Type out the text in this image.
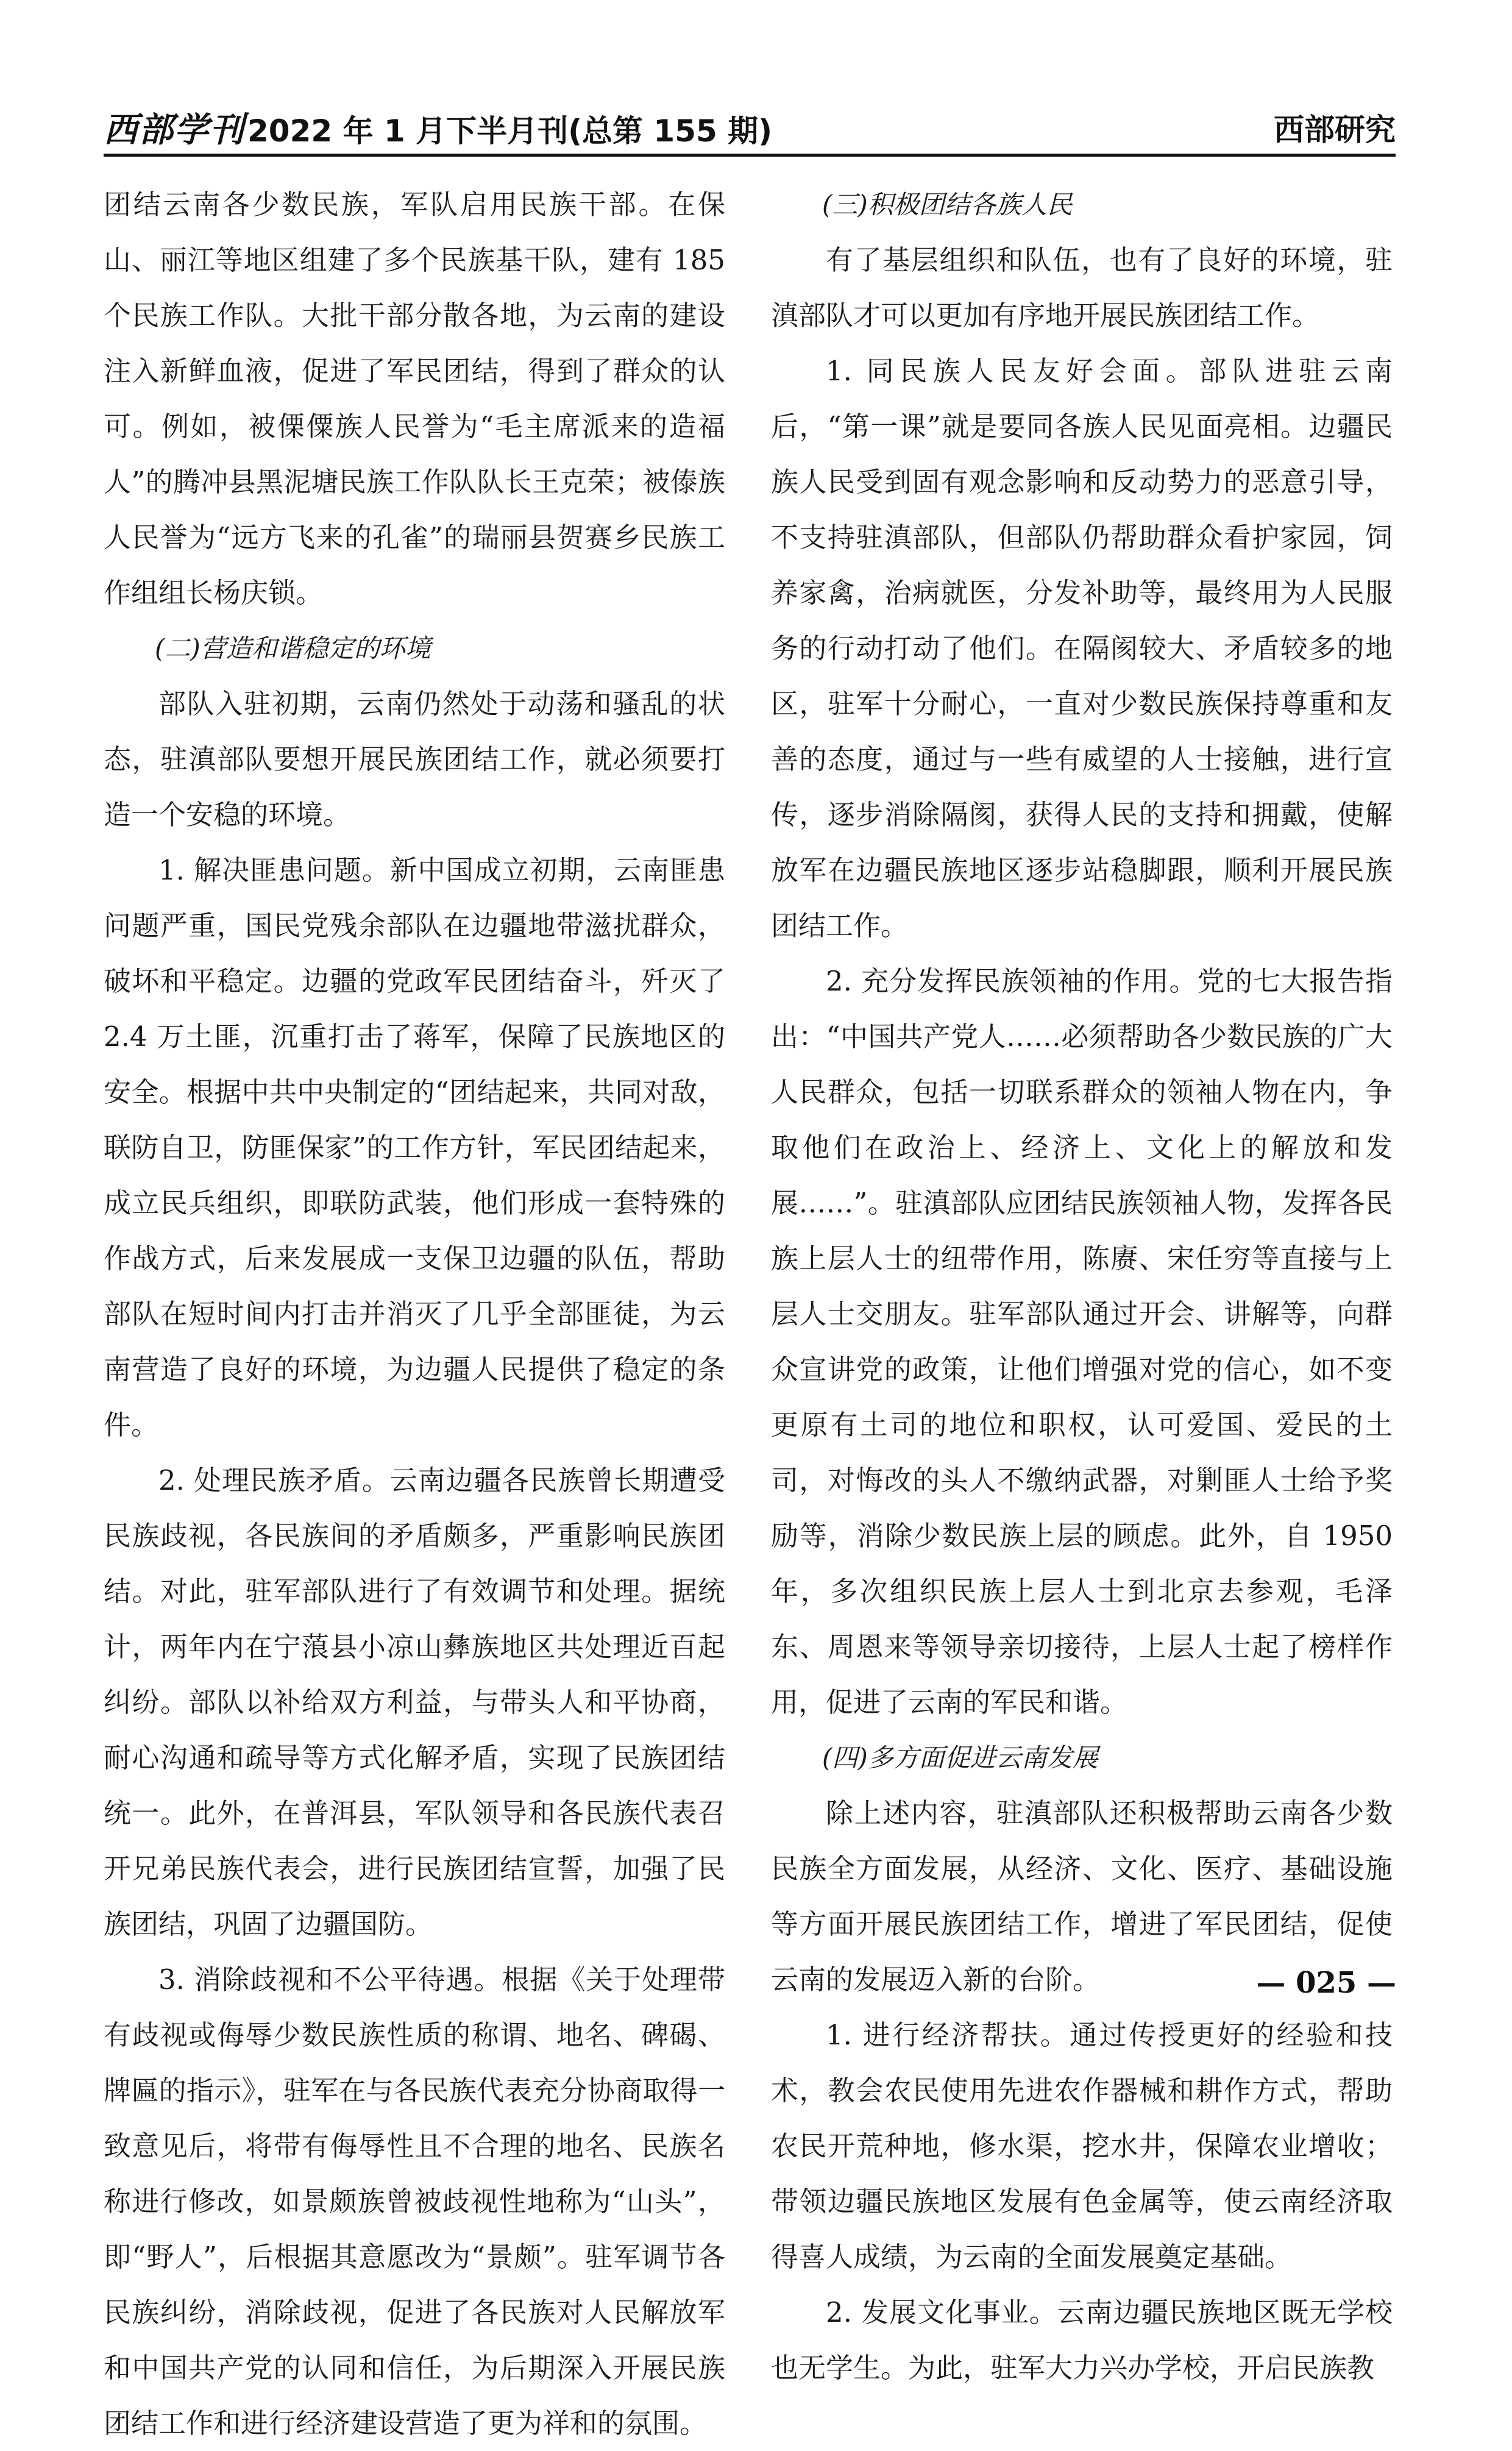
西部学刊 2022 年 1 月下半月刊(总第 155 期)	西部研究

团结云南各少数民族，军队启用民族干部。在保山、丽江等地区组建了多个民族基干队，建有 185 个民族工作队。大批干部分散各地，为云南的建设注入新鲜血液，促进了军民团结，得到了群众的认可。例如，被傈僳族人民誉为“毛主席派来的造福人”的腾冲县黑泥塘民族工作队队长王克荣；被傣族人民誉为“远方飞来的孔雀”的瑞丽县贺赛乡民族工作组组长杨庆锁。

(二)营造和谐稳定的环境

部队入驻初期，云南仍然处于动荡和骚乱的状态，驻滇部队要想开展民族团结工作，就必须要打造一个安稳的环境。

1. 解决匪患问题。新中国成立初期，云南匪患问题严重，国民党残余部队在边疆地带滋扰群众，破坏和平稳定。边疆的党政军民团结奋斗，歼灭了 2.4 万土匪，沉重打击了蒋军，保障了民族地区的安全。根据中共中央制定的“团结起来，共同对敌，联防自卫，防匪保家”的工作方针，军民团结起来，成立民兵组织，即联防武装，他们形成一套特殊的作战方式，后来发展成一支保卫边疆的队伍，帮助部队在短时间内打击并消灭了几乎全部匪徒，为云南营造了良好的环境，为边疆人民提供了稳定的条件。

2. 处理民族矛盾。云南边疆各民族曾长期遭受民族歧视，各民族间的矛盾颇多，严重影响民族团结。对此，驻军部队进行了有效调节和处理。据统计，两年内在宁蒗县小凉山彝族地区共处理近百起纠纷。部队以补给双方利益，与带头人和平协商，耐心沟通和疏导等方式化解矛盾，实现了民族团结统一。此外，在普洱县，军队领导和各民族代表召开兄弟民族代表会，进行民族团结宣誓，加强了民族团结，巩固了边疆国防。

3. 消除歧视和不公平待遇。根据《关于处理带有歧视或侮辱少数民族性质的称谓、地名、碑碣、牌匾的指示》，驻军在与各民族代表充分协商取得一致意见后，将带有侮辱性且不合理的地名、民族名称进行修改，如景颇族曾被歧视性地称为“山头”，即“野人”，后根据其意愿改为“景颇”。驻军调节各民族纠纷，消除歧视，促进了各民族对人民解放军和中国共产党的认同和信任，为后期深入开展民族团结工作和进行经济建设营造了更为祥和的氛围。

(三)积极团结各族人民

有了基层组织和队伍，也有了良好的环境，驻滇部队才可以更加有序地开展民族团结工作。

1. 同民族人民友好会面。部队进驻云南后，“第一课”就是要同各族人民见面亮相。边疆民族人民受到固有观念影响和反动势力的恶意引导，不支持驻滇部队，但部队仍帮助群众看护家园，饲养家禽，治病就医，分发补助等，最终用为人民服务的行动打动了他们。在隔阂较大、矛盾较多的地区，驻军十分耐心，一直对少数民族保持尊重和友善的态度，通过与一些有威望的人士接触，进行宣传，逐步消除隔阂，获得人民的支持和拥戴，使解放军在边疆民族地区逐步站稳脚跟，顺利开展民族团结工作。

2. 充分发挥民族领袖的作用。党的七大报告指出：“中国共产党人……必须帮助各少数民族的广大人民群众，包括一切联系群众的领袖人物在内，争取他们在政治上、经济上、文化上的解放和发展……”。驻滇部队应团结民族领袖人物，发挥各民族上层人士的纽带作用，陈赓、宋任穷等直接与上层人士交朋友。驻军部队通过开会、讲解等，向群众宣讲党的政策，让他们增强对党的信心，如不变更原有土司的地位和职权，认可爱国、爱民的土司，对悔改的头人不缴纳武器，对剿匪人士给予奖励等，消除少数民族上层的顾虑。此外，自 1950 年，多次组织民族上层人士到北京去参观，毛泽东、周恩来等领导亲切接待，上层人士起了榜样作用，促进了云南的军民和谐。

(四)多方面促进云南发展

除上述内容，驻滇部队还积极帮助云南各少数民族全方面发展，从经济、文化、医疗、基础设施等方面开展民族团结工作，增进了军民团结，促使云南的发展迈入新的台阶。

1. 进行经济帮扶。通过传授更好的经验和技术，教会农民使用先进农作器械和耕作方式，帮助农民开荒种地，修水渠，挖水井，保障农业增收；带领边疆民族地区发展有色金属等，使云南经济取得喜人成绩，为云南的全面发展奠定基础。

2. 发展文化事业。云南边疆民族地区既无学校也无学生。为此，驻军大力兴办学校，开启民族教

— 025 —
